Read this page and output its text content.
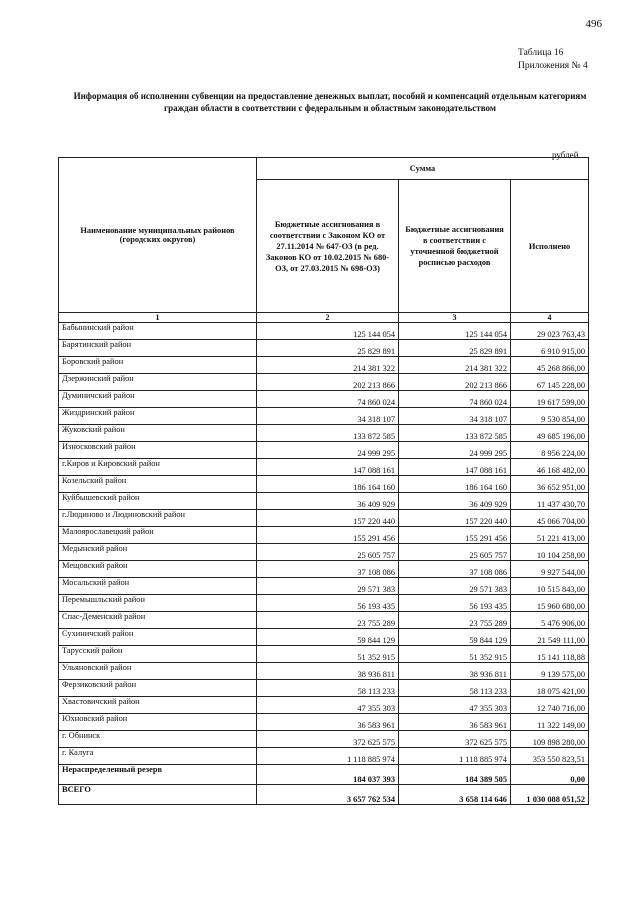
496
Таблица 16
Приложения № 4
Информация об исполнении субвенции на предоставление денежных выплат, пособий и компенсаций отдельным категориям граждан области в соответствии с федеральным и областным законодательством
рублей
Наименование муниципальных районов (городских округов)	Сумма		
	Бюджетные ассигнования в соответствии с Законом КО от 27.11.2014 № 647-ОЗ (в ред. Законов КО от 10.02.2015 № 680-ОЗ, от 27.03.2015 № 698-ОЗ)	Бюджетные ассигнования в соответствии с уточненной бюджетной росписью расходов	Исполнено
1	2	3	4
Бабынинский район	125 144 054	125 144 054	29 023 763,43
Барятинский район	25 829 891	25 829 891	6 910 915,00
Боровский район	214 381 322	214 381 322	45 268 866,00
Дзержинский район	202 213 866	202 213 866	67 145 228,00
Думиничский район	74 860 024	74 860 024	19 617 599,00
Жиздринский район	34 318 107	34 318 107	9 530 854,00
Жуковский район	133 872 585	133 872 585	49 685 196,00
Износковский район	24 999 295	24 999 295	8 956 224,00
г.Киров и Кировский район	147 088 161	147 088 161	46 168 482,00
Козельский район	186 164 160	186 164 160	36 652 951,00
Куйбышевский район	36 409 929	36 409 929	11 437 430,70
г.Людиново и Людиновский район	157 220 440	157 220 440	45 066 704,00
Малоярославецкий район	155 291 456	155 291 456	51 221 413,00
Медынский район	25 605 757	25 605 757	10 104 258,00
Мещовский район	37 108 086	37 108 086	9 927 544,00
Мосальский район	29 571 383	29 571 383	10 515 843,00
Перемышльский район	56 193 435	56 193 435	15 960 680,00
Спас-Деменский район	23 755 289	23 755 289	5 476 906,00
Сухиничский район	59 844 129	59 844 129	21 549 111,00
Тарусский район	51 352 915	51 352 915	15 141 118,88
Ульяновский район	38 936 811	38 936 811	9 139 575,00
Ферзиковский район	58 113 233	58 113 233	18 075 421,00
Хвастовичский район	47 355 303	47 355 303	12 740 716,00
Юхновский район	36 583 961	36 583 961	11 322 149,00
г. Обнинск	372 625 575	372 625 575	109 898 280,00
г. Калуга	1 118 885 974	1 118 885 974	353 550 823,51
Нераспределенный резерв	184 037 393	184 389 505	0,00
ВСЕГО	3 657 762 534	3 658 114 646	1 030 088 051,52
